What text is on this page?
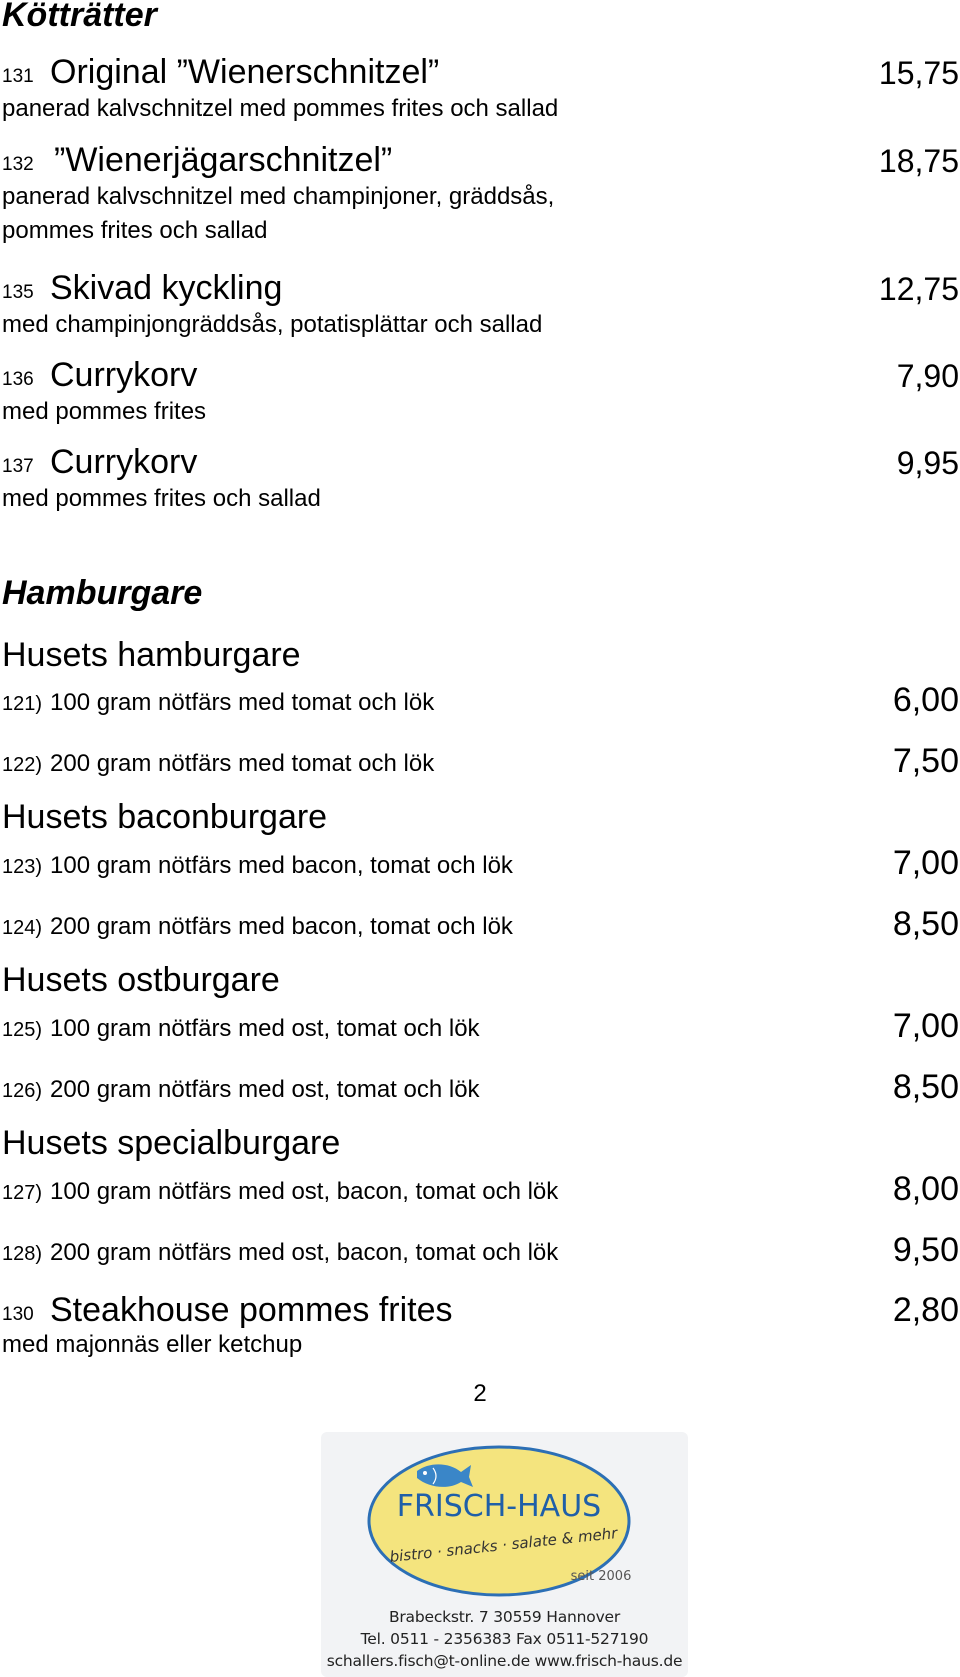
Kötträtter
131 Original ”Wienerschnitzel”	15,75
panerad kalvschnitzel med pommes frites och sallad
132 ”Wienerjägarschnitzel”	18,75
panerad kalvschnitzel med champinjoner, gräddsås,
pommes frites och sallad
135 Skivad kyckling	12,75
med champinjongräddsås, potatisplättar och sallad
136 Currykorv	7,90
med pommes frites
137 Currykorv	9,95
med pommes frites och sallad
Hamburgare
Husets hamburgare
121) 100 gram nötfärs med tomat och lök	6,00
122) 200 gram nötfärs med tomat och lök	7,50
Husets baconburgare
123) 100 gram nötfärs med bacon, tomat och lök	7,00
124) 200 gram nötfärs med bacon, tomat och lök	8,50
Husets ostburgare
125) 100 gram nötfärs med ost, tomat och lök	7,00
126) 200 gram nötfärs med ost, tomat och lök	8,50
Husets specialburgare
127) 100 gram nötfärs med ost, bacon, tomat och lök	8,00
128) 200 gram nötfärs med ost, bacon, tomat och lök	9,50
130 Steakhouse pommes frites	2,80
med majonnäs eller ketchup
2
FRISCH-HAUS
bistro · snacks · salate & mehr
seit 2006
Brabeckstr. 7 30559 Hannover
Tel. 0511 - 2356383 Fax 0511-527190
schallers.fisch@t-online.de www.frisch-haus.de
